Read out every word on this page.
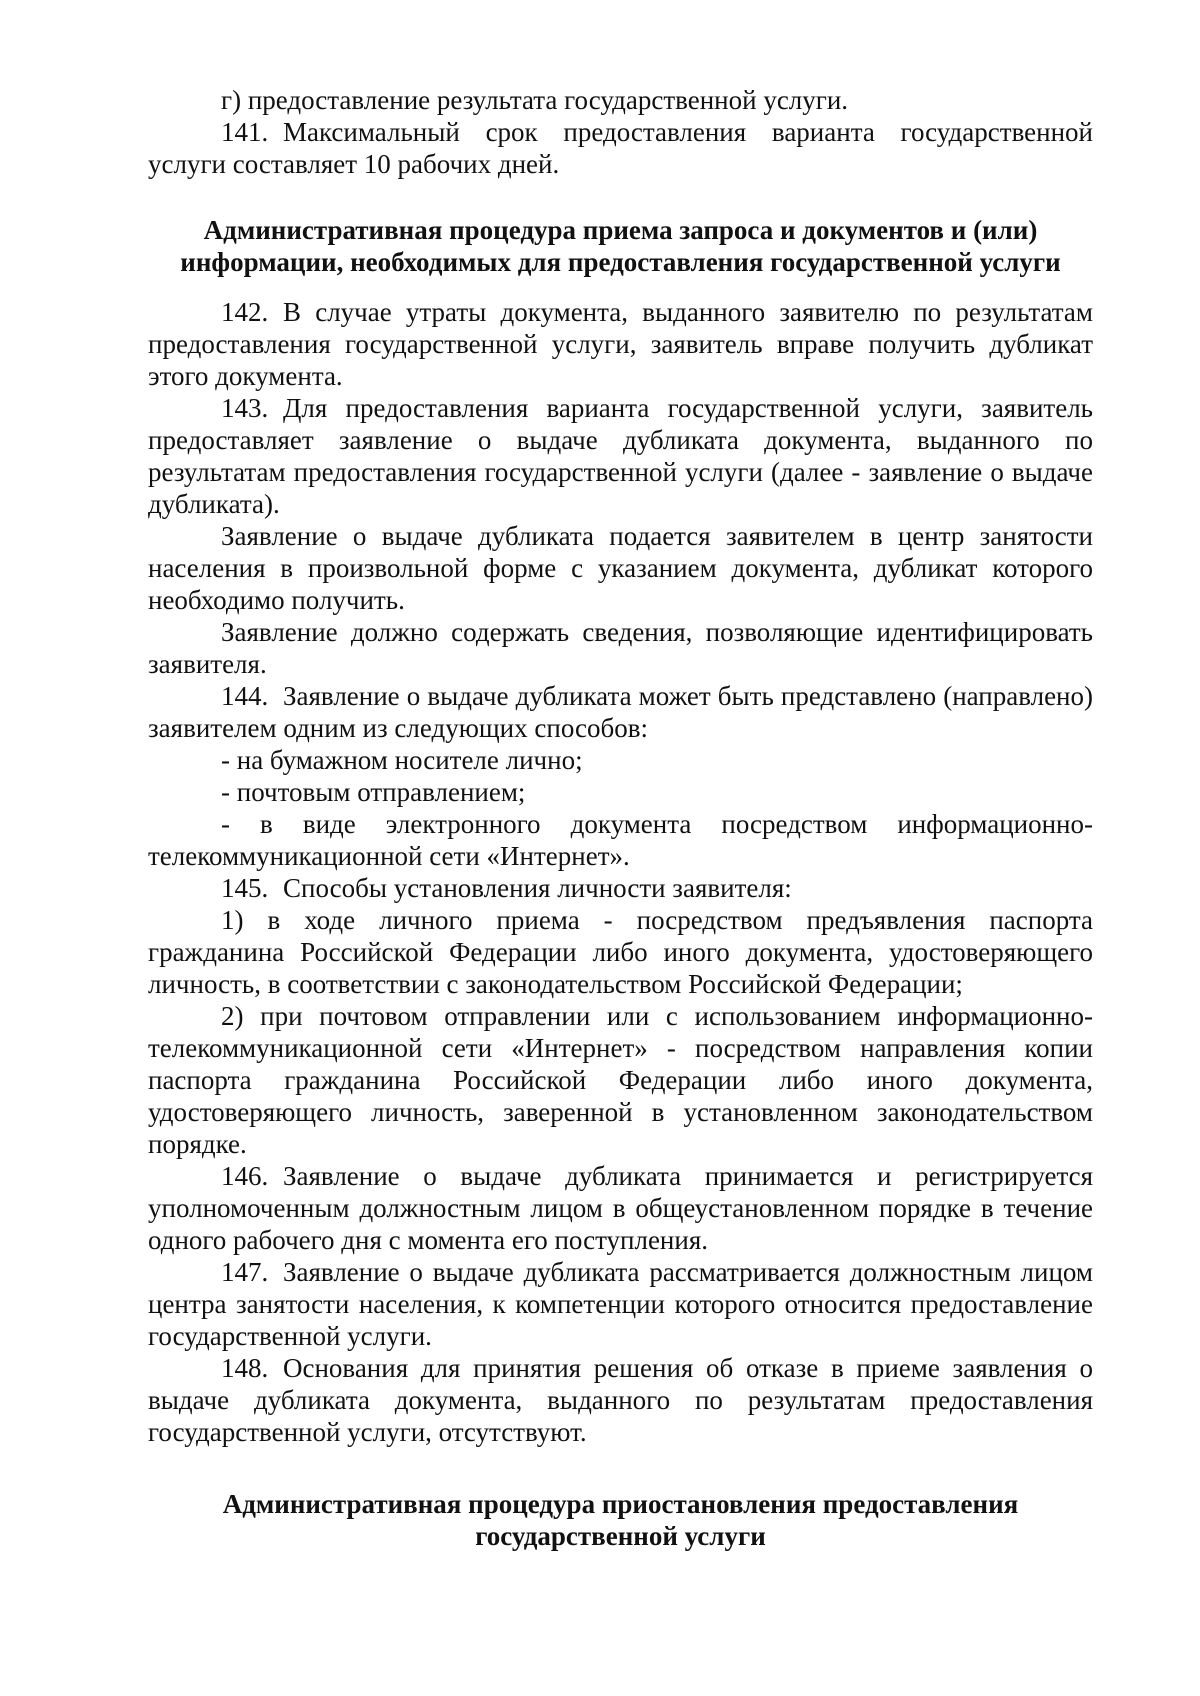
г) предоставление результата государственной услуги.

141. Максимальный срок предоставления варианта государственной услуги составляет 10 рабочих дней.

Административная процедура приема запроса и документов и (или) информации, необходимых для предоставления государственной услуги

142. В случае утраты документа, выданного заявителю по результатам предоставления государственной услуги, заявитель вправе получить дубликат этого документа.

143. Для предоставления варианта государственной услуги, заявитель предоставляет заявление о выдаче дубликата документа, выданного по результатам предоставления государственной услуги (далее - заявление о выдаче дубликата).

Заявление о выдаче дубликата подается заявителем в центр занятости населения в произвольной форме с указанием документа, дубликат которого необходимо получить.

Заявление должно содержать сведения, позволяющие идентифицировать заявителя.

144. Заявление о выдаче дубликата может быть представлено (направлено) заявителем одним из следующих способов:

- на бумажном носителе лично;

- почтовым отправлением;

- в виде электронного документа посредством информационно-телекоммуникационной сети «Интернет».

145. Способы установления личности заявителя:

1) в ходе личного приема - посредством предъявления паспорта гражданина Российской Федерации либо иного документа, удостоверяющего личность, в соответствии с законодательством Российской Федерации;

2) при почтовом отправлении или с использованием информационно-телекоммуникационной сети «Интернет» - посредством направления копии паспорта гражданина Российской Федерации либо иного документа, удостоверяющего личность, заверенной в установленном законодательством порядке.

146. Заявление о выдаче дубликата принимается и регистрируется уполномоченным должностным лицом в общеустановленном порядке в течение одного рабочего дня с момента его поступления.

147. Заявление о выдаче дубликата рассматривается должностным лицом центра занятости населения, к компетенции которого относится предоставление государственной услуги.

148. Основания для принятия решения об отказе в приеме заявления о выдаче дубликата документа, выданного по результатам предоставления государственной услуги, отсутствуют.

Административная процедура приостановления предоставления государственной услуги
